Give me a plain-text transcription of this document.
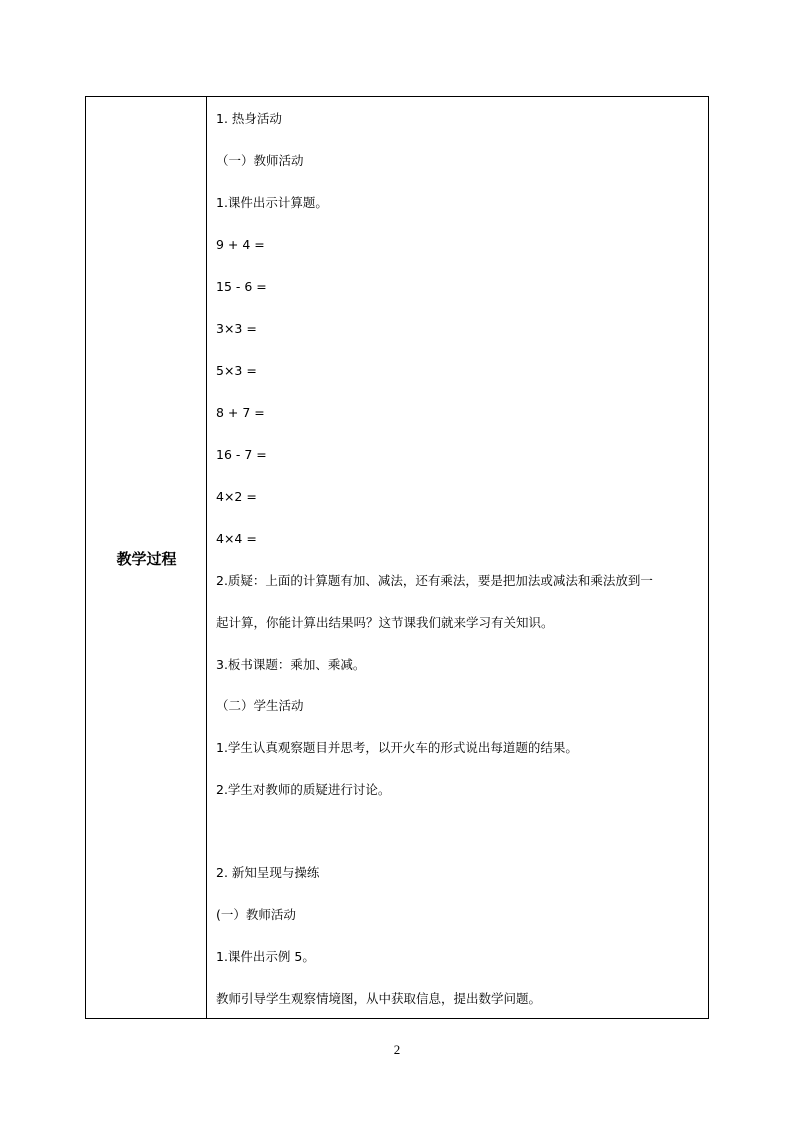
教学过程
1. 热身活动
（一）教师活动
1.课件出示计算题。
9 + 4 =
15 - 6 =
3×3 =
5×3 =
8 + 7 =
16 - 7 =
4×2 =
4×4 =
2.质疑：上面的计算题有加、减法，还有乘法，要是把加法或减法和乘法放到一
起计算，你能计算出结果吗？这节课我们就来学习有关知识。
3.板书课题：乘加、乘减。
（二）学生活动
1.学生认真观察题目并思考，以开火车的形式说出每道题的结果。
2.学生对教师的质疑进行讨论。
2. 新知呈现与操练
(一）教师活动
1.课件出示例 5。
教师引导学生观察情境图，从中获取信息，提出数学问题。
2
